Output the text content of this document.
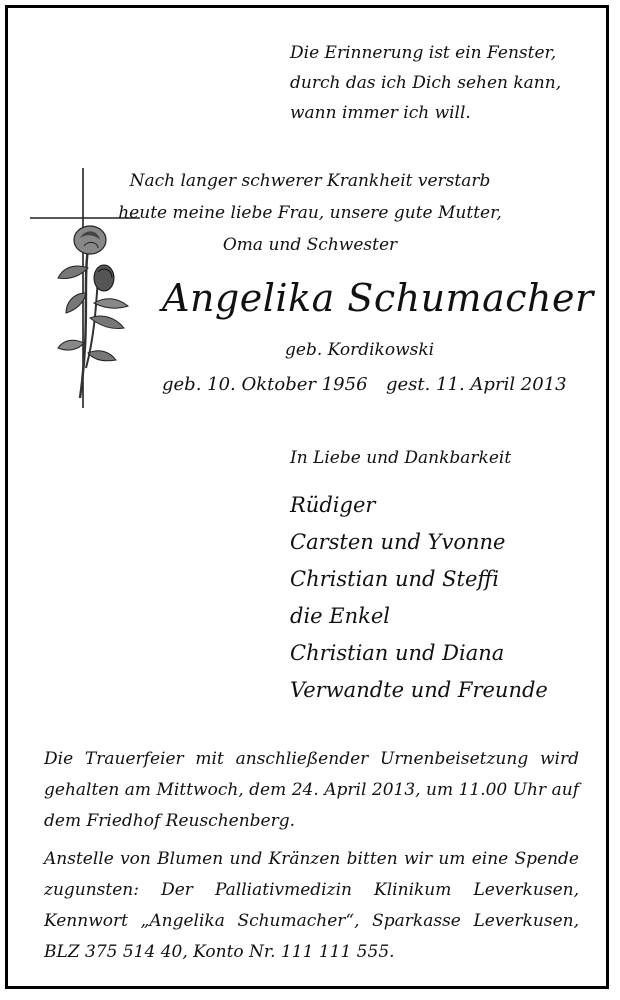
Die Erinnerung ist ein Fenster,
durch das ich Dich sehen kann,
wann immer ich will.
Nach langer schwerer Krankheit verstarb
heute meine liebe Frau, unsere gute Mutter,
Oma und Schwester
Angelika Schumacher
geb. Kordikowski
geb. 10. Oktober 1956 gest. 11. April 2013
In Liebe und Dankbarkeit
Rüdiger
Carsten und Yvonne
Christian und Steffi
die Enkel
Christian und Diana
Verwandte und Freunde
Die Trauerfeier mit anschließender Urnenbeisetzung wird gehalten am Mittwoch, dem 24. April 2013, um 11.00 Uhr auf dem Friedhof Reuschenberg.
Anstelle von Blumen und Kränzen bitten wir um eine Spende zugunsten: Der Palliativmedizin Klinikum Leverkusen, Kennwort „Angelika Schumacher“, Sparkasse Leverkusen, BLZ 375 514 40, Konto Nr. 111 111 555.
